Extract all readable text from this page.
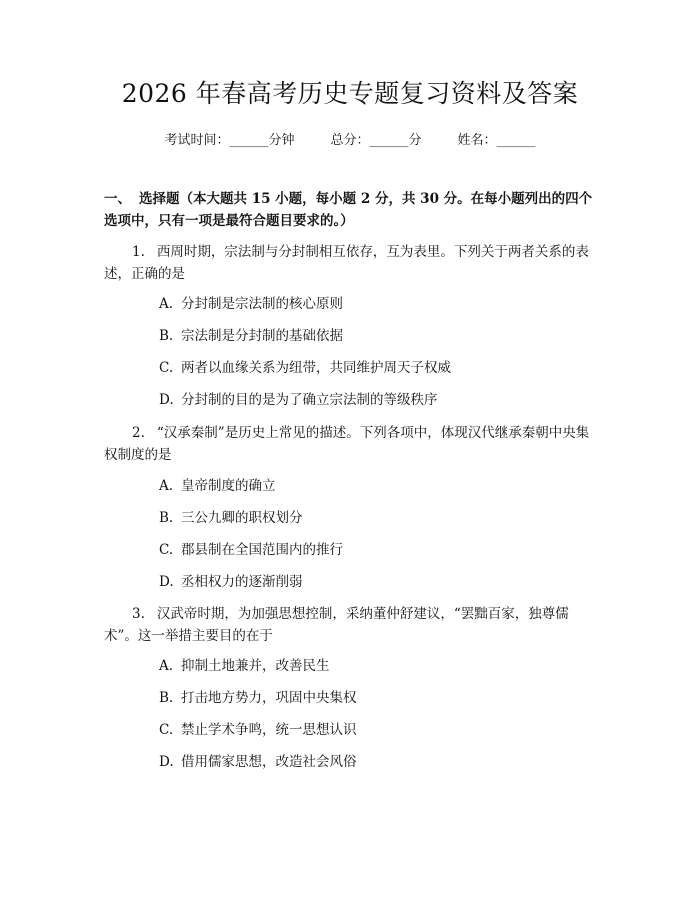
2026 年春高考历史专题复习资料及答案
考试时间：______分钟	总分：______分	姓名：______
一、 选择题（本大题共 15 小题，每小题 2 分，共 30 分。在每小题列出的四个选项中，只有一项是最符合题目要求的。）
1. 西周时期，宗法制与分封制相互依存，互为表里。下列关于两者关系的表述，正确的是
A. 分封制是宗法制的核心原则
B. 宗法制是分封制的基础依据
C. 两者以血缘关系为纽带，共同维护周天子权威
D. 分封制的目的是为了确立宗法制的等级秩序
2. “汉承秦制”是历史上常见的描述。下列各项中，体现汉代继承秦朝中央集权制度的是
A. 皇帝制度的确立
B. 三公九卿的职权划分
C. 郡县制在全国范围内的推行
D. 丞相权力的逐渐削弱
3. 汉武帝时期，为加强思想控制，采纳董仲舒建议，“罢黜百家，独尊儒术”。这一举措主要目的在于
A. 抑制土地兼并，改善民生
B. 打击地方势力，巩固中央集权
C. 禁止学术争鸣，统一思想认识
D. 借用儒家思想，改造社会风俗
